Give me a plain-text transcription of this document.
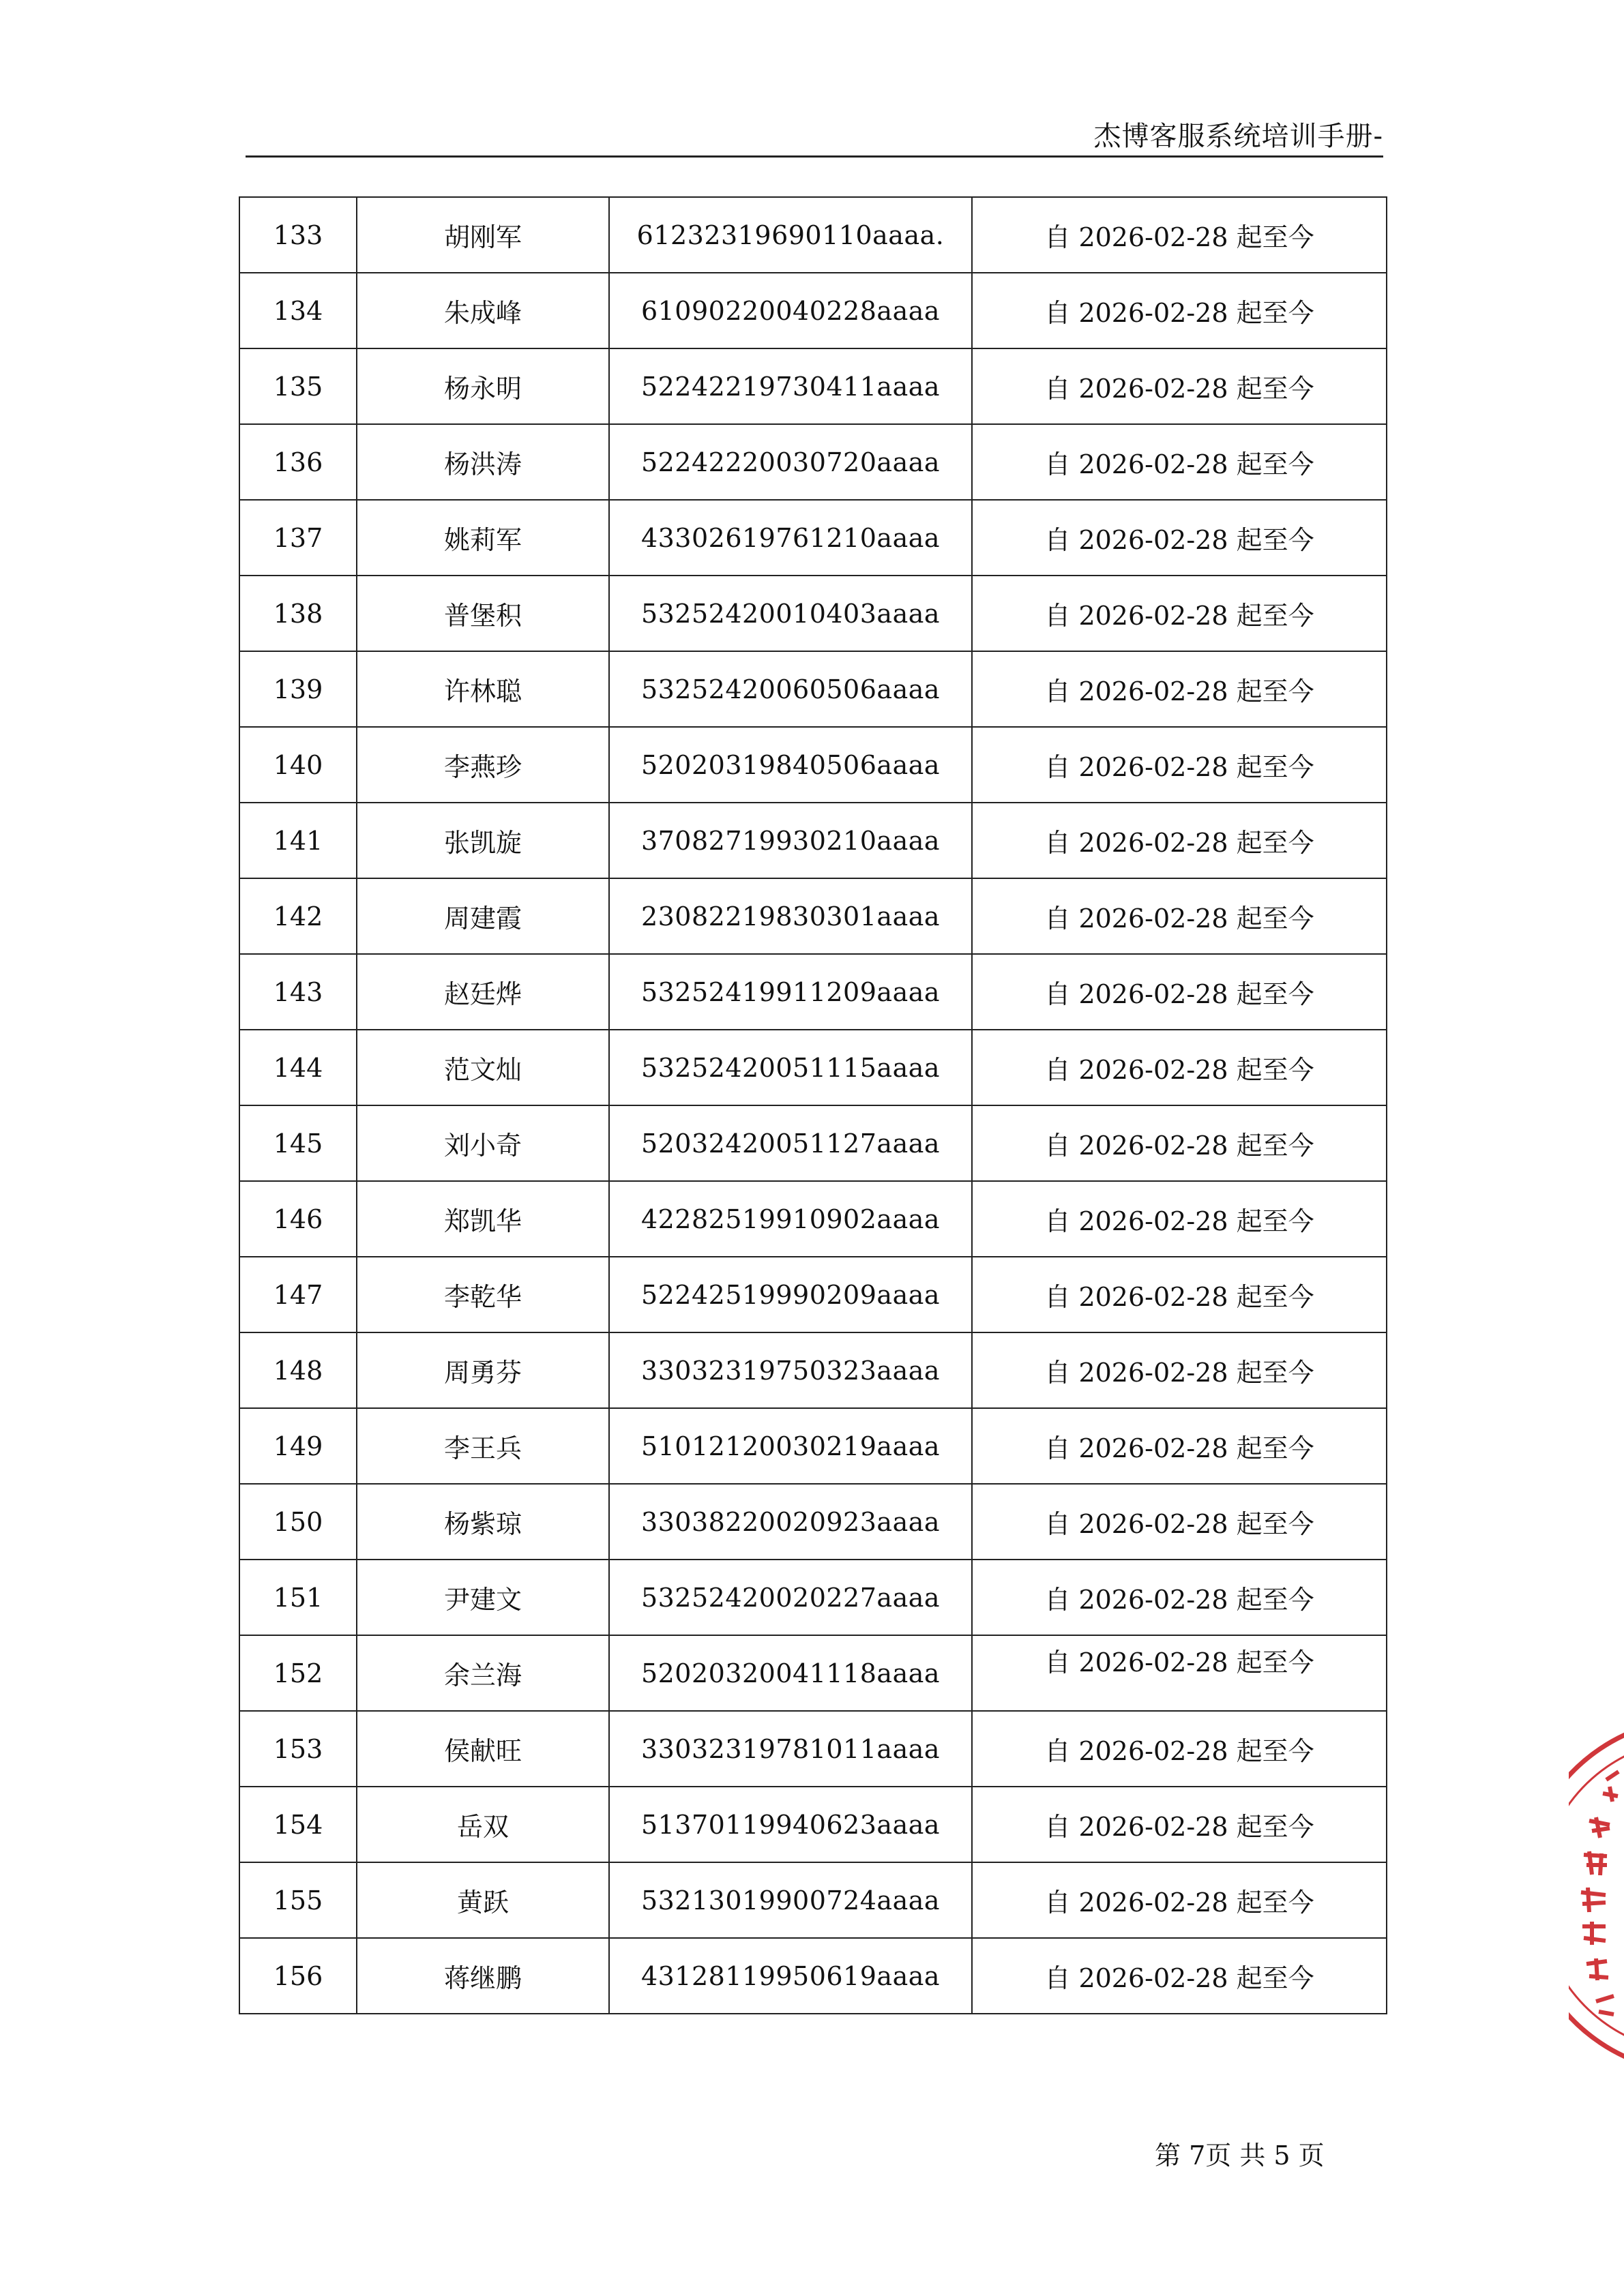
杰博客服系统培训手册-
133	胡刚军	61232319690110aaaa.	自 2026-02-28 起至今
134	朱成峰	61090220040228aaaa	自 2026-02-28 起至今
135	杨永明	52242219730411aaaa	自 2026-02-28 起至今
136	杨洪涛	52242220030720aaaa	自 2026-02-28 起至今
137	姚莉军	43302619761210aaaa	自 2026-02-28 起至今
138	普堡积	53252420010403aaaa	自 2026-02-28 起至今
139	许林聪	53252420060506aaaa	自 2026-02-28 起至今
140	李燕珍	52020319840506aaaa	自 2026-02-28 起至今
141	张凯旋	37082719930210aaaa	自 2026-02-28 起至今
142	周建霞	23082219830301aaaa	自 2026-02-28 起至今
143	赵廷烨	53252419911209aaaa	自 2026-02-28 起至今
144	范文灿	53252420051115aaaa	自 2026-02-28 起至今
145	刘小奇	52032420051127aaaa	自 2026-02-28 起至今
146	郑凯华	42282519910902aaaa	自 2026-02-28 起至今
147	李乾华	52242519990209aaaa	自 2026-02-28 起至今
148	周勇芬	33032319750323aaaa	自 2026-02-28 起至今
149	李王兵	51012120030219aaaa	自 2026-02-28 起至今
150	杨紫琼	33038220020923aaaa	自 2026-02-28 起至今
151	尹建文	53252420020227aaaa	自 2026-02-28 起至今
152	余兰海	52020320041118aaaa	自 2026-02-28 起至今
153	侯献旺	33032319781011aaaa	自 2026-02-28 起至今
154	岳双	51370119940623aaaa	自 2026-02-28 起至今
155	黄跃	53213019900724aaaa	自 2026-02-28 起至今
156	蒋继鹏	43128119950619aaaa	自 2026-02-28 起至今
第 7页 共 5 页
